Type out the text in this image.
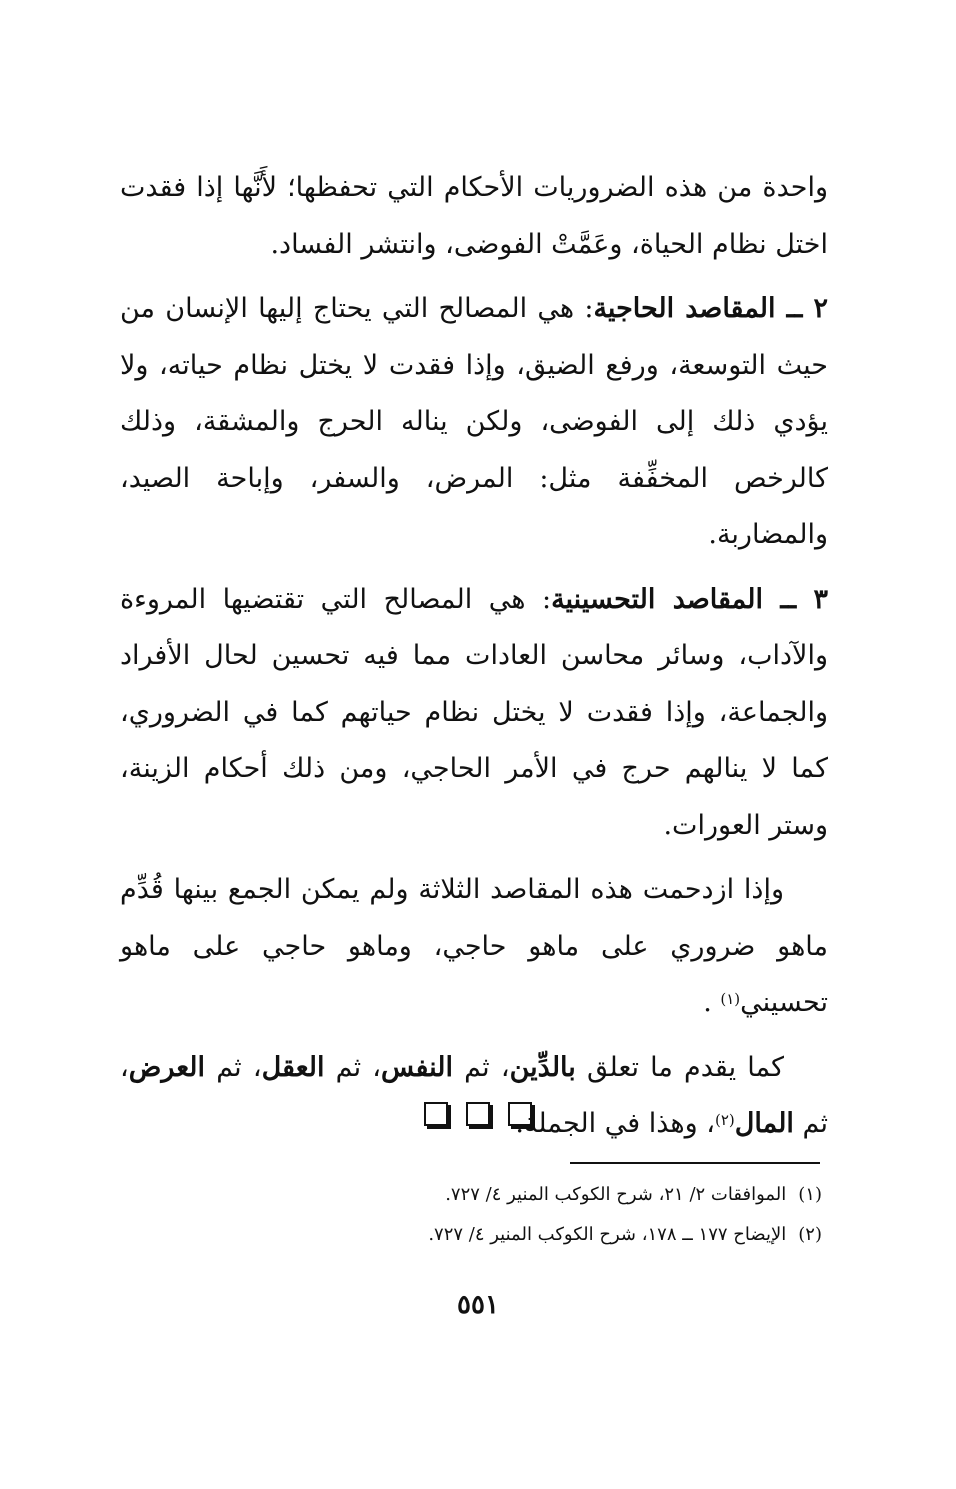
واحدة من هذه الضروريات الأحكام التي تحفظها؛ لأَنَّها إذا فقدت اختل نظام الحياة، وعَمَّتْ الفوضى، وانتشر الفساد.

٢ ــ المقاصد الحاجية: هي المصالح التي يحتاج إليها الإنسان من حيث التوسعة، ورفع الضيق، وإذا فقدت لا يختل نظام حياته، ولا يؤدي ذلك إلى الفوضى، ولكن يناله الحرج والمشقة، وذلك كالرخص المخفِّفة مثل: المرض، والسفر، وإباحة الصيد، والمضاربة.

٣ ــ المقاصد التحسينية: هي المصالح التي تقتضيها المروءة والآداب، وسائر محاسن العادات مما فيه تحسين لحال الأفراد والجماعة، وإذا فقدت لا يختل نظام حياتهم كما في الضروري، كما لا ينالهم حرج في الأمر الحاجي، ومن ذلك أحكام الزينة، وستر العورات.

وإذا ازدحمت هذه المقاصد الثلاثة ولم يمكن الجمع بينها قُدِّم ماهو ضروري على ماهو حاجي، وماهو حاجي على ماهو تحسيني$^{(١)}$ .

كما يقدم ما تعلق بالدِّين، ثم النفس، ثم العقل، ثم العرض، ثم المال$^{(٢)}$، وهذا في الجملة.

(١)الموافقات ٢/ ٢١، شرح الكوكب المنير ٤/ ٧٢٧.

(٢)الإيضاح ١٧٧ ــ ١٧٨، شرح الكوكب المنير ٤/ ٧٢٧.

٥٥١
